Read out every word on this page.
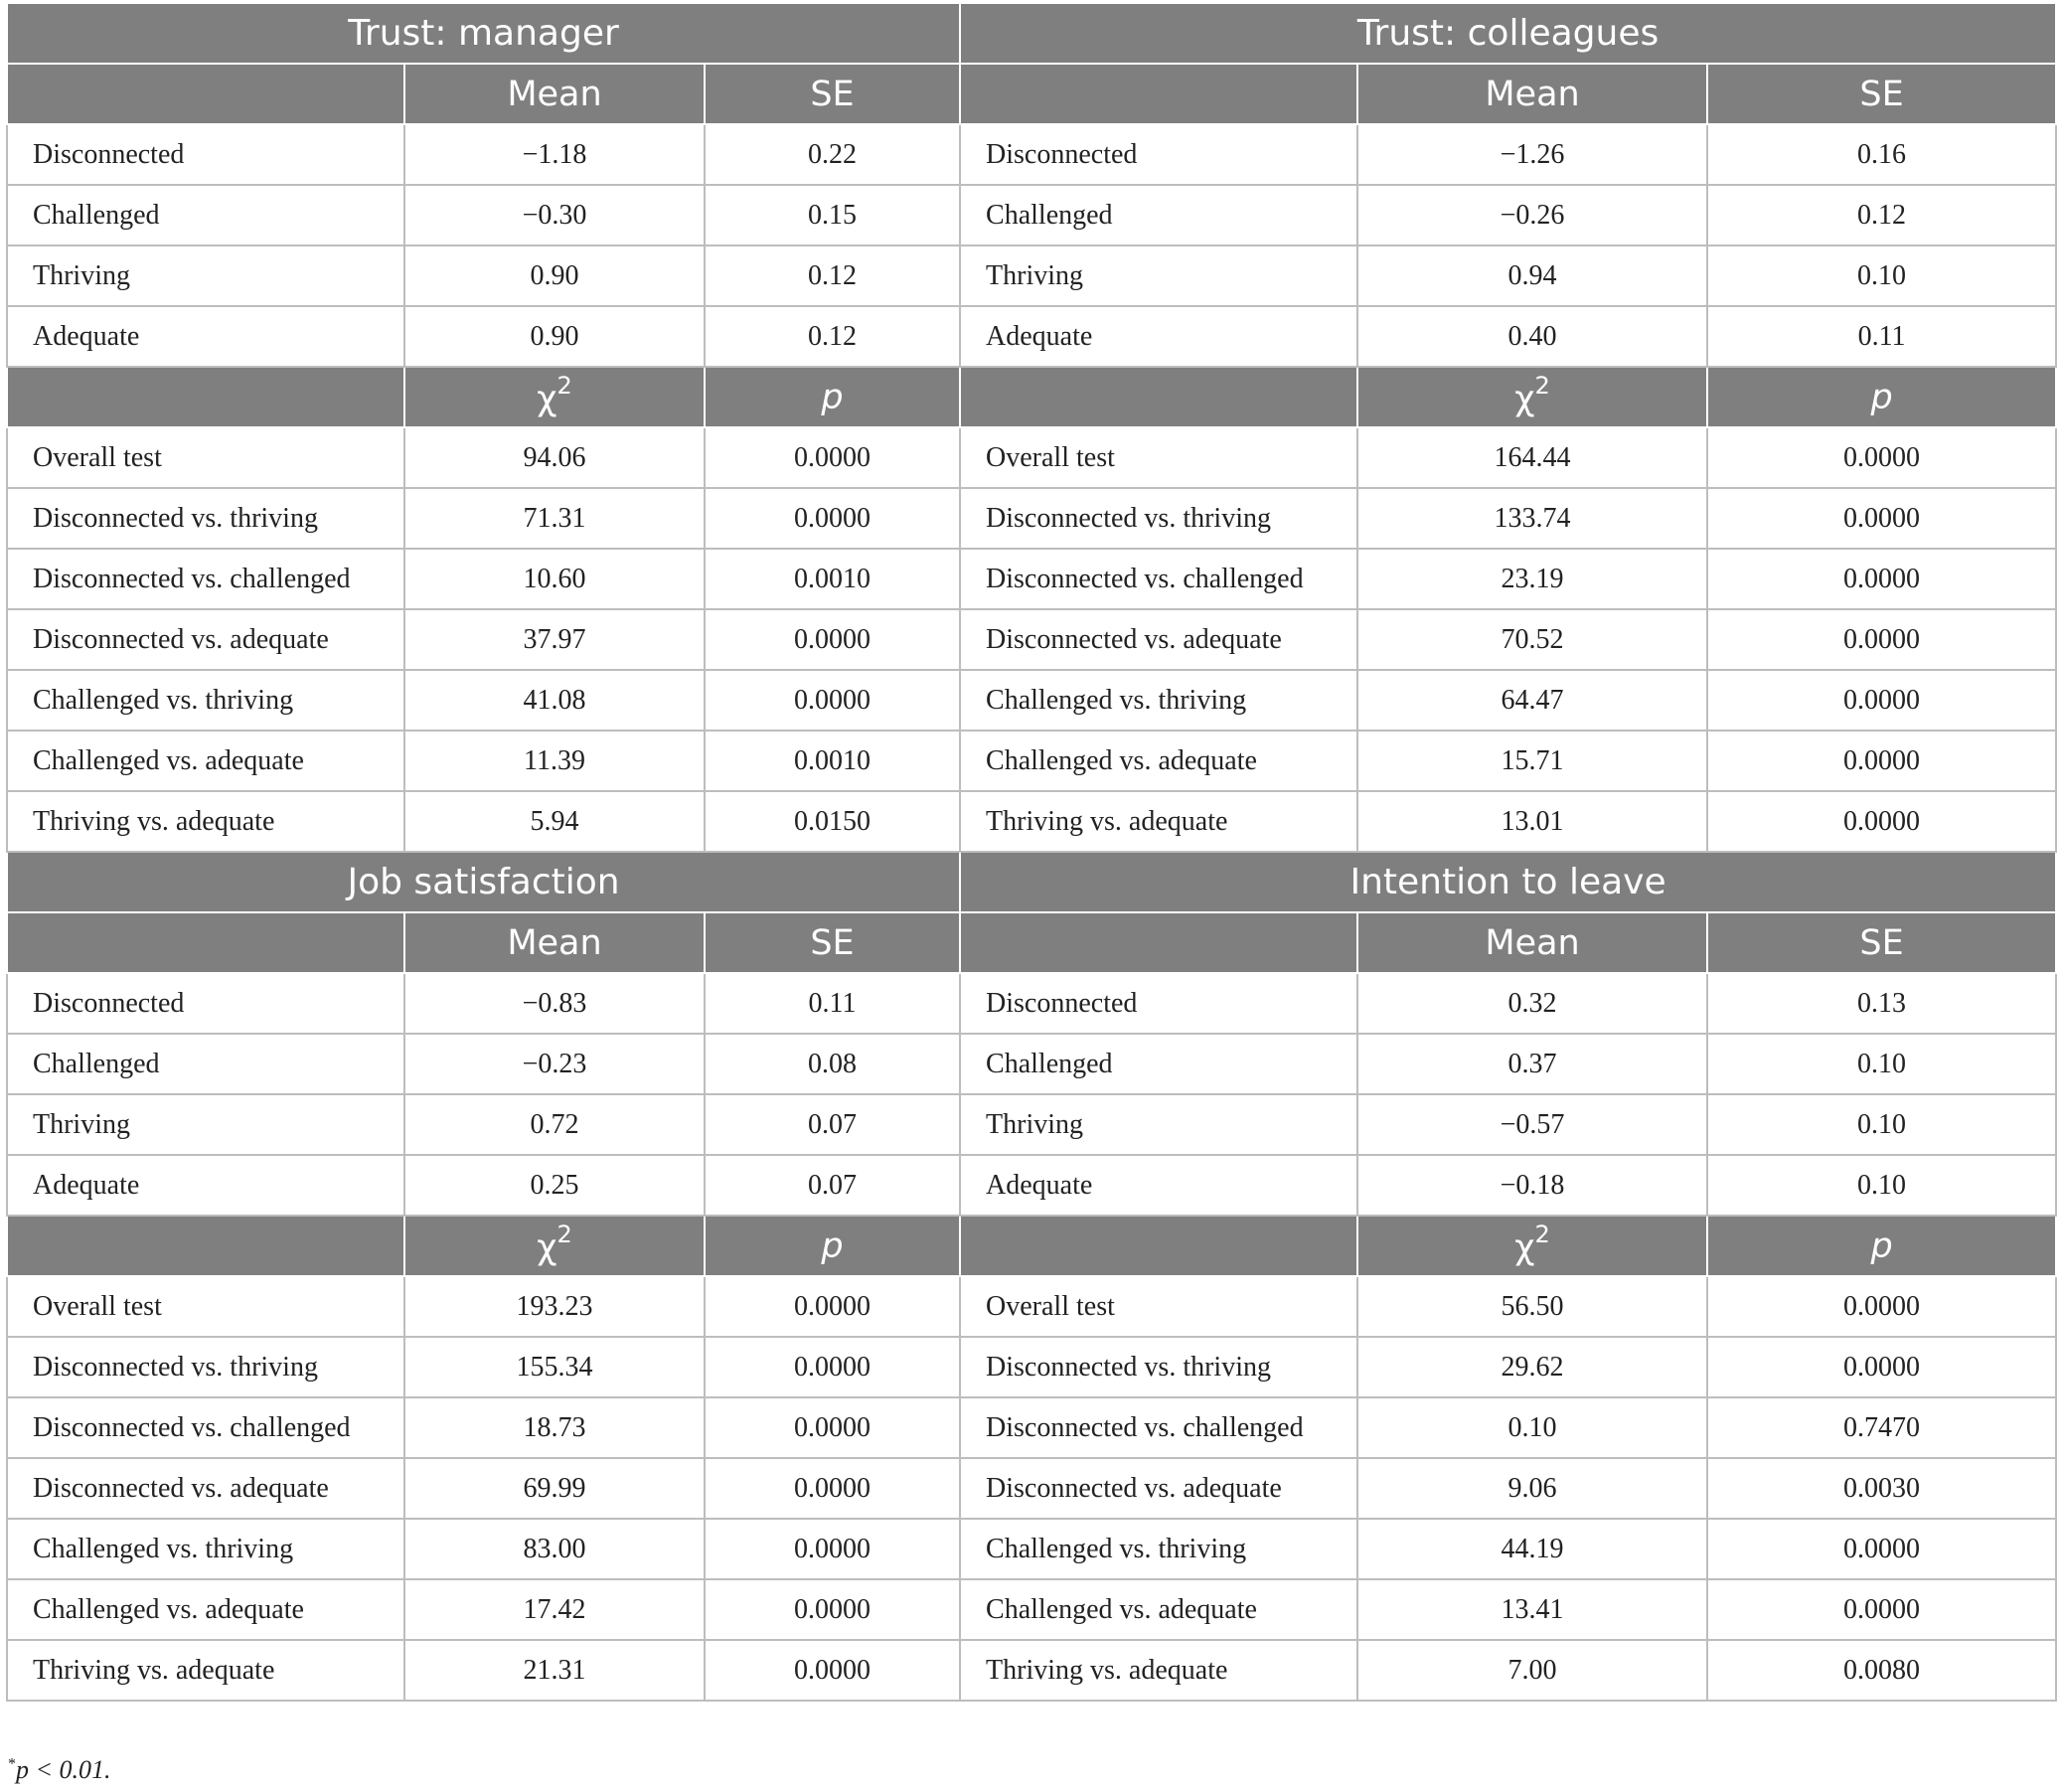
Trust: manager			Trust: colleagues		
	Mean	SE		Mean	SE
Disconnected	−1.18	0.22	Disconnected	−1.26	0.16
Challenged	−0.30	0.15	Challenged	−0.26	0.12
Thriving	0.90	0.12	Thriving	0.94	0.10
Adequate	0.90	0.12	Adequate	0.40	0.11
	$\chi^2$	p		$\chi^2$	p
Overall test	94.06	0.0000	Overall test	164.44	0.0000
Disconnected vs. thriving	71.31	0.0000	Disconnected vs. thriving	133.74	0.0000
Disconnected vs. challenged	10.60	0.0010	Disconnected vs. challenged	23.19	0.0000
Disconnected vs. adequate	37.97	0.0000	Disconnected vs. adequate	70.52	0.0000
Challenged vs. thriving	41.08	0.0000	Challenged vs. thriving	64.47	0.0000
Challenged vs. adequate	11.39	0.0010	Challenged vs. adequate	15.71	0.0000
Thriving vs. adequate	5.94	0.0150	Thriving vs. adequate	13.01	0.0000
Job satisfaction			Intention to leave		
	Mean	SE		Mean	SE
Disconnected	−0.83	0.11	Disconnected	0.32	0.13
Challenged	−0.23	0.08	Challenged	0.37	0.10
Thriving	0.72	0.07	Thriving	−0.57	0.10
Adequate	0.25	0.07	Adequate	−0.18	0.10
	$\chi^2$	p		$\chi^2$	p
Overall test	193.23	0.0000	Overall test	56.50	0.0000
Disconnected vs. thriving	155.34	0.0000	Disconnected vs. thriving	29.62	0.0000
Disconnected vs. challenged	18.73	0.0000	Disconnected vs. challenged	0.10	0.7470
Disconnected vs. adequate	69.99	0.0000	Disconnected vs. adequate	9.06	0.0030
Challenged vs. thriving	83.00	0.0000	Challenged vs. thriving	44.19	0.0000
Challenged vs. adequate	17.42	0.0000	Challenged vs. adequate	13.41	0.0000
Thriving vs. adequate	21.31	0.0000	Thriving vs. adequate	7.00	0.0080
*p < 0.01.
